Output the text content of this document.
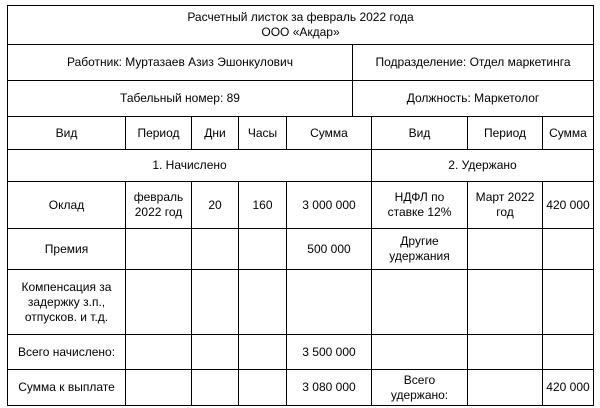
Расчетный листок за февраль 2022 года
ООО «Акдар»	

Работник: Муртазаев Азиз Эшонкулович	Подразделение: Отдел маркетинга
Табельный номер: 89	Должность: Маркетолог
Вид	Период	Дни	Часы	Сумма	Вид	Период	Сумма
1. Начислено					2. Удержано		
Оклад	февраль 2022 год	20	160	3 000 000	НДФЛ по ставке 12%	Март 2022 год	420 000
Премия				500 000	Другие удержания		
Компенсация за задержку з.п., отпусков. и т.д.							
Всего начислено:				3 500 000			
Сумма к выплате				3 080 000	Всего удержано:		420 000
